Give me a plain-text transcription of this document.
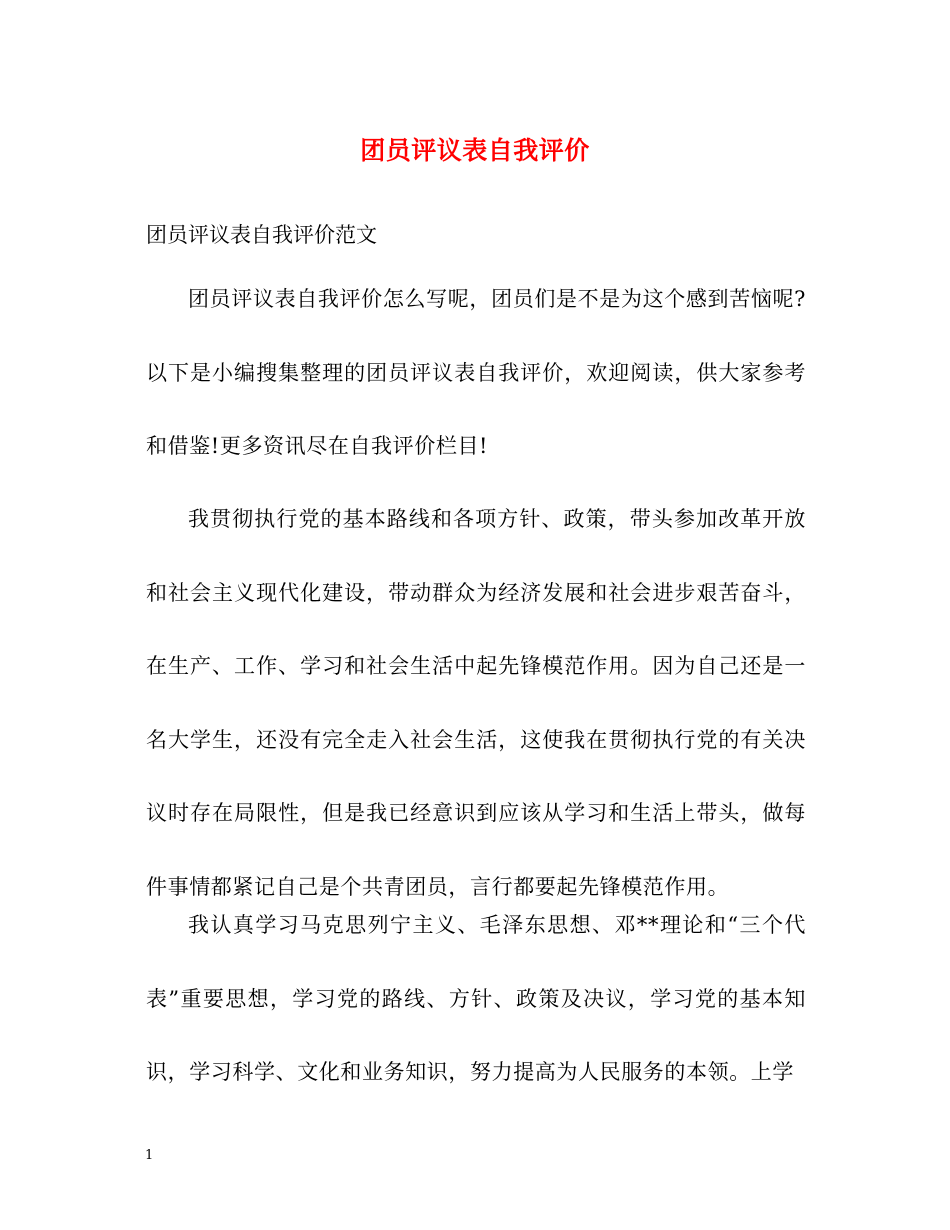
团员评议表自我评价
团员评议表自我评价范文

团员评议表自我评价怎么写呢，团员们是不是为这个感到苦恼呢?以下是小编搜集整理的团员评议表自我评价，欢迎阅读，供大家参考和借鉴!更多资讯尽在自我评价栏目!

我贯彻执行党的基本路线和各项方针、政策，带头参加改革开放和社会主义现代化建设，带动群众为经济发展和社会进步艰苦奋斗，在生产、工作、学习和社会生活中起先锋模范作用。因为自己还是一名大学生，还没有完全走入社会生活，这使我在贯彻执行党的有关决议时存在局限性，但是我已经意识到应该从学习和生活上带头，做每件事情都紧记自己是个共青团员，言行都要起先锋模范作用。

我认真学习马克思列宁主义、毛泽东思想、邓**理论和“三个代表”重要思想，学习党的路线、方针、政策及决议，学习党的基本知识，学习科学、文化和业务知识，努力提高为人民服务的本领。上学

1
